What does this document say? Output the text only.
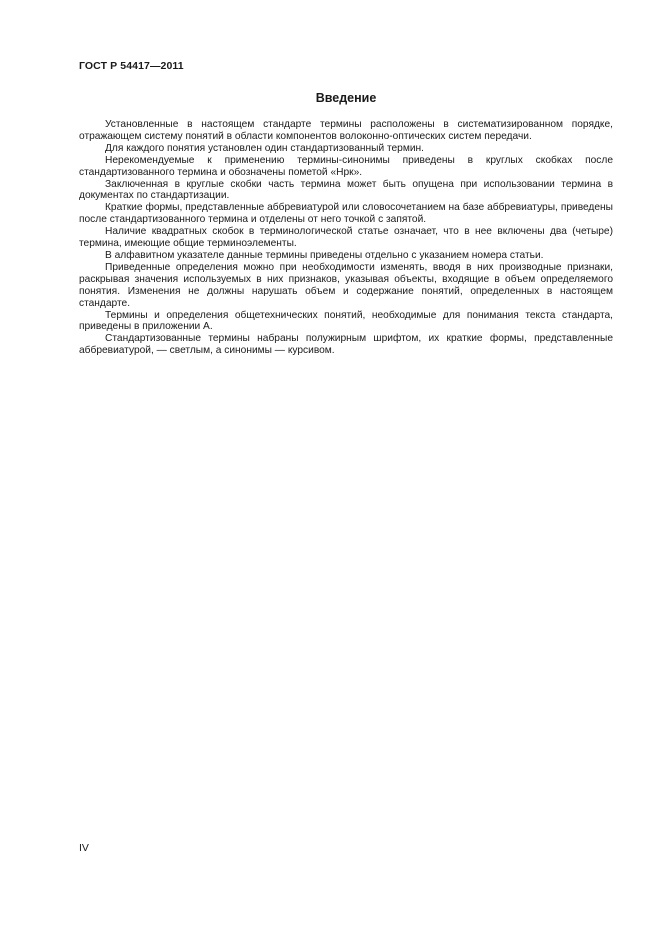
ГОСТ Р 54417—2011
Введение

Установленные в настоящем стандарте термины расположены в систематизированном порядке, отражающем систему понятий в области компонентов волоконно-оптических систем передачи.

Для каждого понятия установлен один стандартизованный термин.

Нерекомендуемые к применению термины-синонимы приведены в круглых скобках после стандартизованного термина и обозначены пометой «Нрк».

Заключенная в круглые скобки часть термина может быть опущена при использовании термина в документах по стандартизации.

Краткие формы, представленные аббревиатурой или словосочетанием на базе аббревиатуры, приведены после стандартизованного термина и отделены от него точкой с запятой.

Наличие квадратных скобок в терминологической статье означает, что в нее включены два (четыре) термина, имеющие общие терминоэлементы.

В алфавитном указателе данные термины приведены отдельно с указанием номера статьи.

Приведенные определения можно при необходимости изменять, вводя в них производные признаки, раскрывая значения используемых в них признаков, указывая объекты, входящие в объем определяемого понятия. Изменения не должны нарушать объем и содержание понятий, определенных в настоящем стандарте.

Термины и определения общетехнических понятий, необходимые для понимания текста стандарта, приведены в приложении А.

Стандартизованные термины набраны полужирным шрифтом, их краткие формы, представленные аббревиатурой, — светлым, а синонимы — курсивом.

IV
